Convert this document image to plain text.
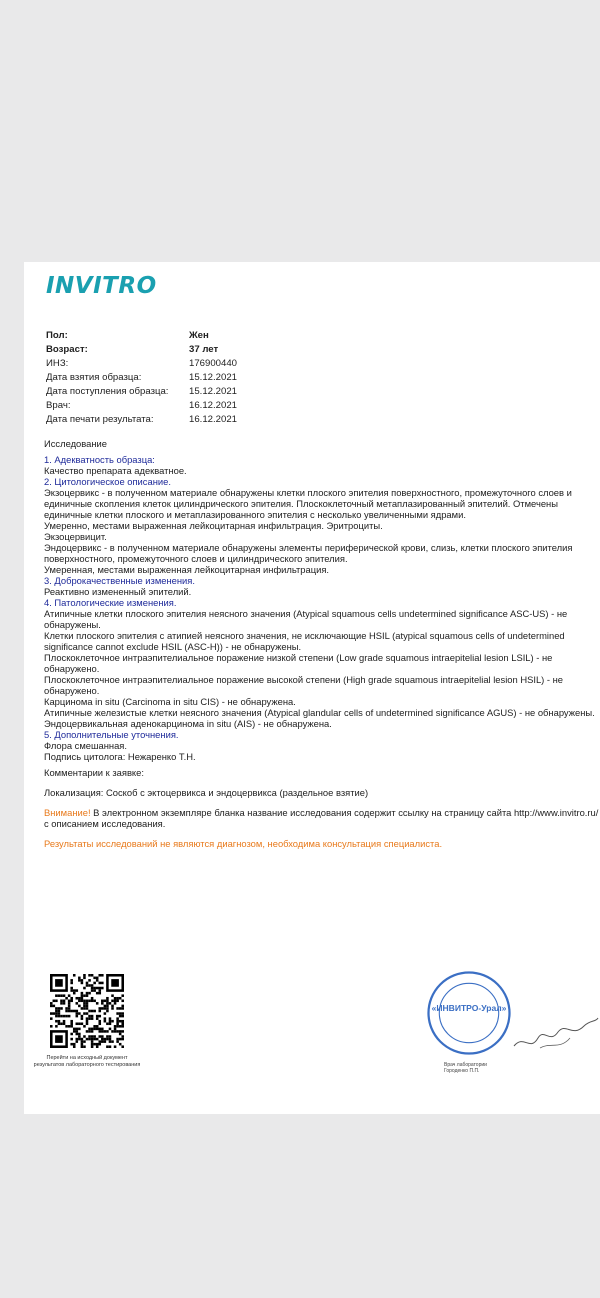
INVITRO
Пол:	Жен
Возраст:	37 лет
ИНЗ:	176900440
Дата взятия образца:	15.12.2021
Дата поступления образца:	15.12.2021
Врач:	16.12.2021
Дата печати результата:	16.12.2021

Исследование

1. Адекватность образца:

Качество препарата адекватное.

2. Цитологическое описание.

Экзоцервикс - в полученном материале обнаружены клетки плоского эпителия поверхностного, промежуточного слоев и единичные скопления клеток цилиндрического эпителия. Плоскоклеточный метаплазированный эпителий. Отмечены единичные клетки плоского и метаплазированного эпителия с несколько увеличенными ядрами.

Умеренно, местами выраженная лейкоцитарная инфильтрация. Эритроциты.

Экзоцервицит.

Эндоцервикс - в полученном материале обнаружены элементы периферической крови, слизь, клетки плоского эпителия поверхностного, промежуточного слоев и цилиндрического эпителия.

Умеренная, местами выраженная лейкоцитарная инфильтрация.

3. Доброкачественные изменения.

Реактивно измененный эпителий.

4. Патологические изменения.

Атипичные клетки плоского эпителия неясного значения (Atypical squamous cells undetermined significance ASC-US) - не обнаружены.

Клетки плоского эпителия с атипией неясного значения, не исключающие HSIL (atypical squamous cells of undetermined significance cannot exclude HSIL (ASC-H)) - не обнаружены.

Плоскоклеточное интраэпителиальное поражение низкой степени (Low grade squamous intraepitelial lesion LSIL) - не обнаружено.

Плоскоклеточное интраэпителиальное поражение высокой степени (High grade squamous intraepitelial lesion HSIL) - не обнаружено.

Карцинома in situ (Carcinoma in situ CIS) - не обнаружена.

Атипичные железистые клетки неясного значения (Atypical glandular cells of undetermined significance AGUS) - не обнаружены.

Эндоцервикальная аденокарцинома in situ (AIS) - не обнаружена.

5. Дополнительные уточнения.

Флора смешанная.

Подпись цитолога: Нежаренко Т.Н.

Комментарии к заявке:

Локализация: Соскоб с эктоцервикса и эндоцервикса (раздельное взятие)

Внимание! В электронном экземпляре бланка название исследования содержит ссылку на страницу сайта http://www.invitro.ru/с описанием исследования.

Результаты исследований не являются диагнозом, необходима консультация специалиста.

Перейти на исходный документ результатов лабораторного тестирования
«ИНВИТРО-Урал»
Врач лаборатории Городенко П.П.
